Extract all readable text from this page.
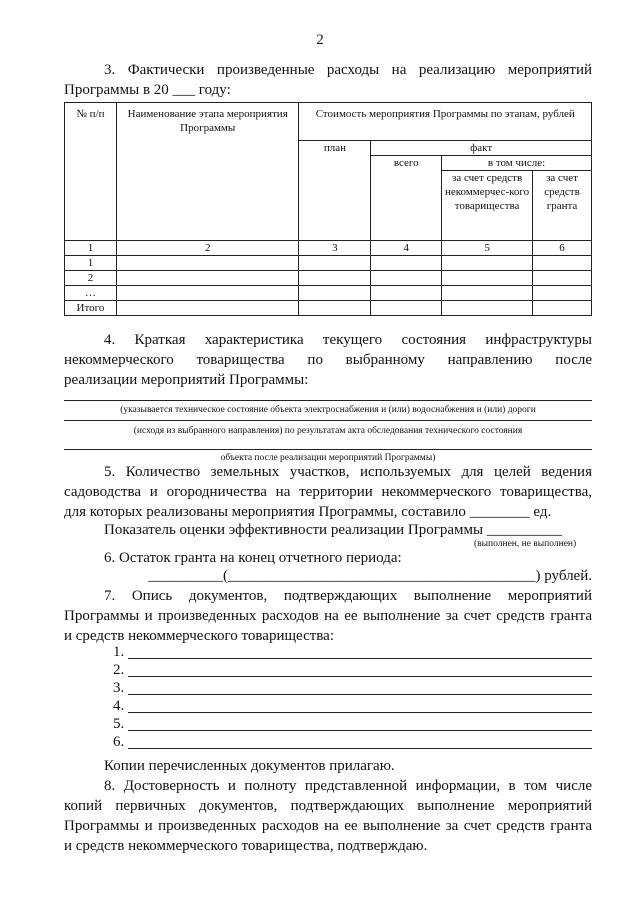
2
3. Фактически произведенные расходы на реализацию мероприятий
Программы в 20 ___ году:
№ п/п	Наименование этапа мероприятия Программы	Стоимость мероприятия Программы по этапам, рублей			
		план	факт		
			всего	в том числе:	
				за счет средств некоммерчес-кого товарищества	за счет средств гранта
1	2	3	4	5	6
1					
2					
…					
Итого					
4. Краткая характеристика текущего состояния инфраструктуры
некоммерческого товарищества по выбранному направлению после
реализации мероприятий Программы:
(указывается техническое состояние объекта электроснабжения и (или) водоснабжения и (или) дороги
(исходя из выбранного направления) по результатам акта обследования технического состояния
объекта после реализации мероприятий Программы)
5. Количество земельных участков, используемых для целей ведения
садоводства и огородничества на территории некоммерческого товарищества,
для которых реализованы мероприятия Программы, составило ________ ед.
Показатель оценки эффективности реализации Программы __________
(выполнен, не выполнен)
6. Остаток гранта на конец отчетного периода:
__________(_________________________________________) рублей.
7. Опись документов, подтверждающих выполнение мероприятий
Программы и произведенных расходов на ее выполнение за счет средств гранта
и средств некоммерческого товарищества:
1.
2.
3.
4.
5.
6.
Копии перечисленных документов прилагаю.
8. Достоверность и полноту представленной информации, в том числе
копий первичных документов, подтверждающих выполнение мероприятий
Программы и произведенных расходов на ее выполнение за счет средств гранта
и средств некоммерческого товарищества, подтверждаю.
